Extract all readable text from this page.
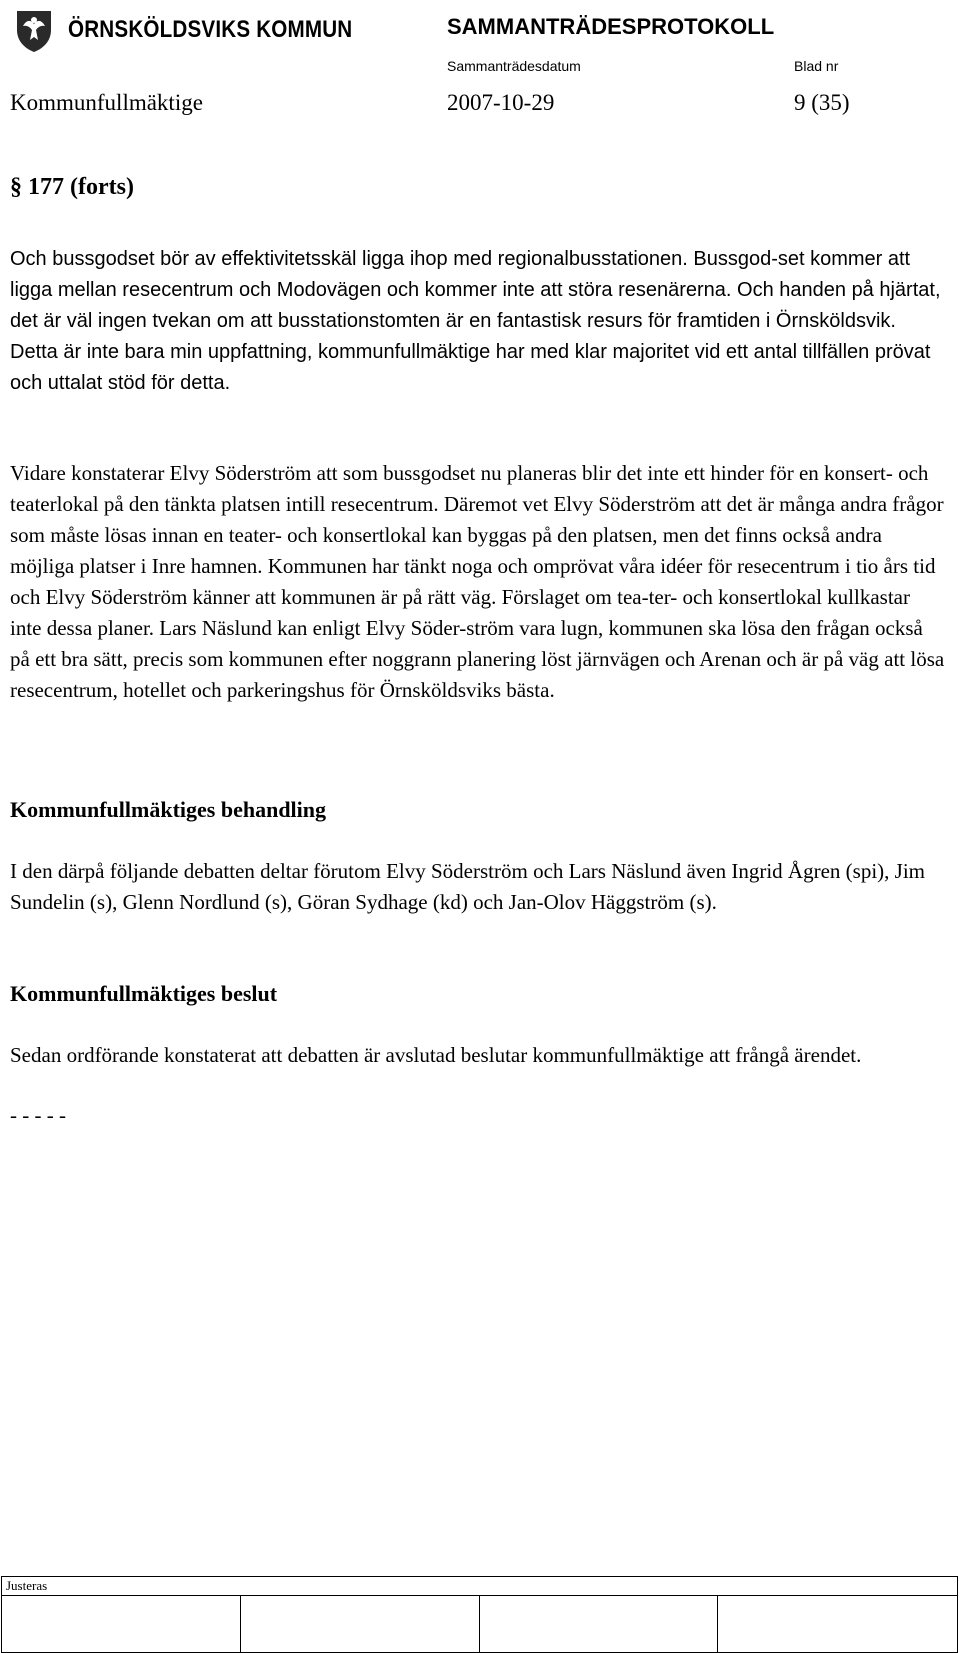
ÖRNSKÖLDSVIKS KOMMUN	SAMMANTRÄDESPROTOKOLL
Sammanträdesdatum	Blad nr
Kommunfullmäktige	2007-10-29	9 (35)
§ 177 (forts)

Och bussgodset bör av effektivitetsskäl ligga ihop med regionalbusstationen. Bussgod-set kommer att ligga mellan resecentrum och Modovägen och kommer inte att störa resenärerna. Och handen på hjärtat, det är väl ingen tvekan om att busstationstomten är en fantastisk resurs för framtiden i Örnsköldsvik. Detta är inte bara min uppfattning, kommunfullmäktige har med klar majoritet vid ett antal tillfällen prövat och uttalat stöd för detta.

Vidare konstaterar Elvy Söderström att som bussgodset nu planeras blir det inte ett hinder för en konsert- och teaterlokal på den tänkta platsen intill resecentrum. Däremot vet Elvy Söderström att det är många andra frågor som måste lösas innan en teater- och konsertlokal kan byggas på den platsen, men det finns också andra möjliga platser i Inre hamnen. Kommunen har tänkt noga och omprövat våra idéer för resecentrum i tio års tid och Elvy Söderström känner att kommunen är på rätt väg. Förslaget om tea-ter- och konsertlokal kullkastar inte dessa planer. Lars Näslund kan enligt Elvy Söder-ström vara lugn, kommunen ska lösa den frågan också på ett bra sätt, precis som kommunen efter noggrann planering löst järnvägen och Arenan och är på väg att lösa resecentrum, hotellet och parkeringshus för Örnsköldsviks bästa.

Kommunfullmäktiges behandling
I den därpå följande debatten deltar förutom Elvy Söderström och Lars Näslund även Ingrid Ågren (spi), Jim Sundelin (s), Glenn Nordlund (s), Göran Sydhage (kd) och Jan-Olov Häggström (s).
Kommunfullmäktiges beslut
Sedan ordförande konstaterat att debatten är avslutad beslutar kommunfullmäktige att frångå ärendet.
- - - - -
Justeras
